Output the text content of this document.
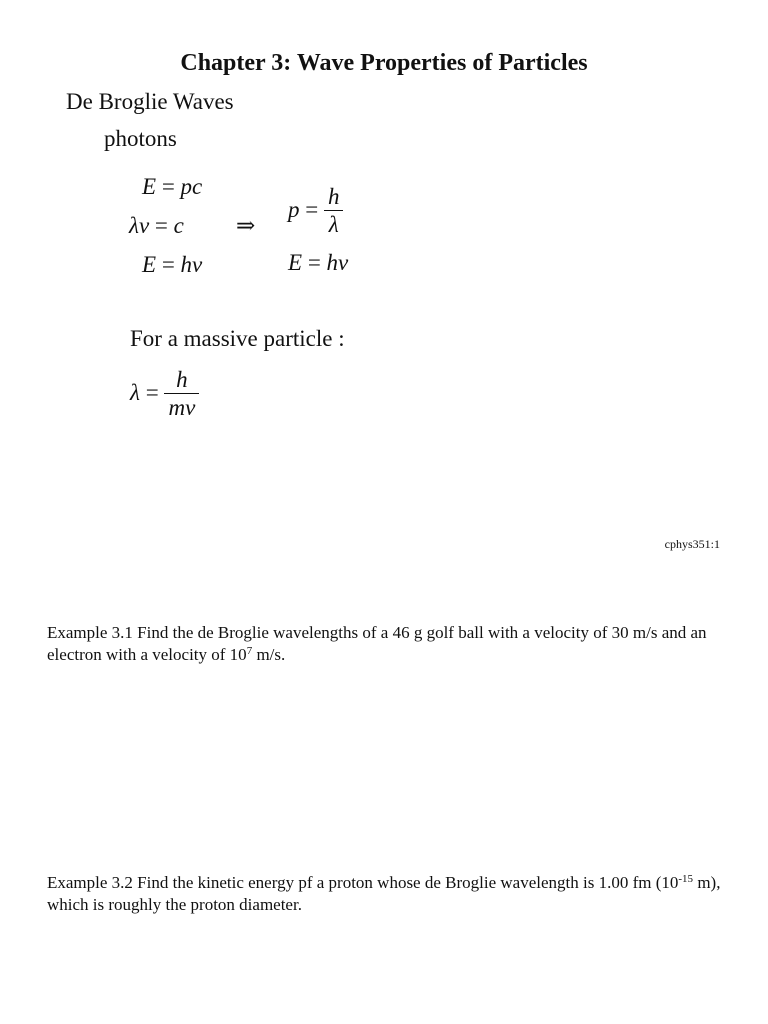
Chapter 3: Wave Properties of Particles
De Broglie Waves
photons
E = pc
λν = c
E = hν
⇒
$p = \frac{h}{\lambda}$
E = hν
For a massive particle :
$\lambda = \frac{h}{mv}$
cphys351:1
Example 3.1 Find the de Broglie wavelengths of a 46 g golf ball with a velocity of 30 m/s and an electron with a velocity of $10^7$ m/s.
Example 3.2 Find the kinetic energy pf a proton whose de Broglie wavelength is 1.00 fm ($10^{-15}$ m), which is roughly the proton diameter.
